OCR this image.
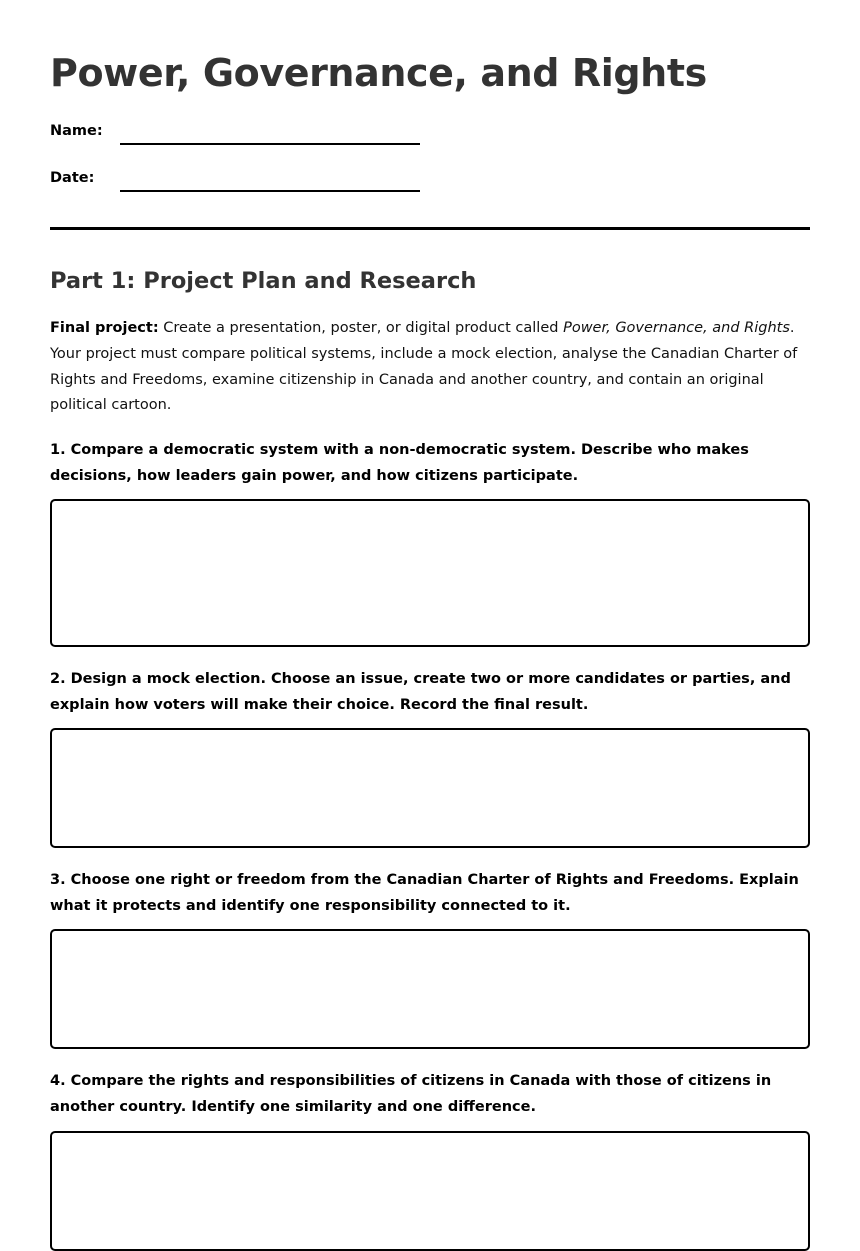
Power, Governance, and Rights
Name:
Date:
Part 1: Project Plan and Research

Final project: Create a presentation, poster, or digital product called Power, Governance, and Rights. Your project must compare political systems, include a mock election, analyse the Canadian Charter of Rights and Freedoms, examine citizenship in Canada and another country, and contain an original political cartoon.

1. Compare a democratic system with a non-democratic system. Describe who makes decisions, how leaders gain power, and how citizens participate.

2. Design a mock election. Choose an issue, create two or more candidates or parties, and explain how voters will make their choice. Record the final result.

3. Choose one right or freedom from the Canadian Charter of Rights and Freedoms. Explain what it protects and identify one responsibility connected to it.

4. Compare the rights and responsibilities of citizens in Canada with those of citizens in another country. Identify one similarity and one difference.
